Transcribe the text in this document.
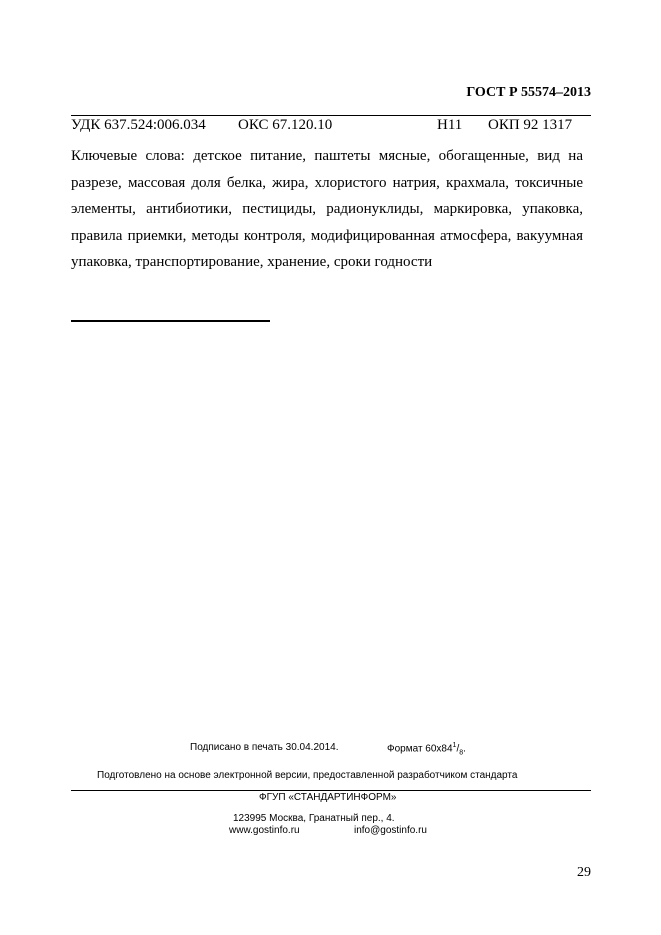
ГОСТ Р 55574–2013
УДК 637.524:006.034 ОКС 67.120.10	Н11 ОКП 92 1317
Ключевые слова: детское питание, паштеты мясные, обогащенные, вид на разрезе, массовая доля белка, жира, хлористого натрия, крахмала, токсичные элементы, антибиотики, пестициды, радионуклиды, маркировка, упаковка, правила приемки, методы контроля, модифицированная атмосфера, вакуумная упаковка, транспортирование, хранение, сроки годности
Подписано в печать 30.04.2014.	Формат $60x84^1/_8$.
Подготовлено на основе электронной версии, предоставленной разработчиком стандарта
ФГУП «СТАНДАРТИНФОРМ»
123995 Москва, Гранатный пер., 4.
www.gostinfo.ru	info@gostinfo.ru
29
